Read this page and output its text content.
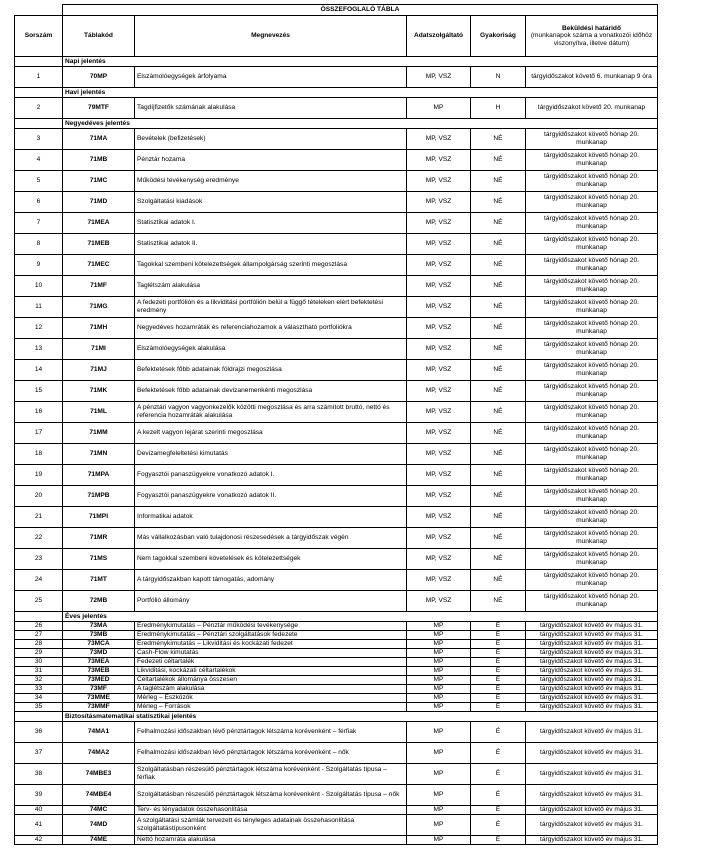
	ÖSSZEFOGLALÓ TÁBLA				
Sorszám	Táblakód	Megnevezés	Adatszolgáltató	Gyakoriság	Beküldési határidő
(munkanapok száma a vonatkozói időhöz viszonyítva, illetve dátum)

	Napi jelentés				
1	70MP	Elszámolóegységek árfolyama	MP, VSZ	N	tárgyidőszakot követő 6. munkanap 9 óra
	Havi jelentés				
2	79MTF	Tagdíjfizetők számának alakulása	MP	H	tárgyidőszakot követő 20. munkanap
	Negyedéves jelentés				
3	71MA	Bevételek (befizetések)	MP, VSZ	NÉ	tárgyidőszakot követő hónap 20. munkanap
4	71MB	Pénztár hozama	MP, VSZ	NÉ	tárgyidőszakot követő hónap 20. munkanap
5	71MC	Működési tevékenység eredménye	MP, VSZ	NÉ	tárgyidőszakot követő hónap 20. munkanap
6	71MD	Szolgáltatási kiadások	MP, VSZ	NÉ	tárgyidőszakot követő hónap 20. munkanap
7	71MEA	Statisztikai adatok I.	MP, VSZ	NÉ	tárgyidőszakot követő hónap 20. munkanap
8	71MEB	Statisztikai adatok II.	MP, VSZ	NÉ	tárgyidőszakot követő hónap 20. munkanap
9	71MEC	Tagokkal szembeni kötelezettségek állampolgárság szerinti megoszlása	MP, VSZ	NÉ	tárgyidőszakot követő hónap 20. munkanap
10	71MF	Taglétszám alakulása	MP, VSZ	NÉ	tárgyidőszakot követő hónap 20. munkanap
11	71MG	A fedezeti portfólión és a likviditási portfólión belül a függő tételeken elért befektetési eredmény	MP, VSZ	NÉ	tárgyidőszakot követő hónap 20. munkanap
12	71MH	Negyedéves hozamráták és referenciahozamok a választható portfoliókra	MP, VSZ	NÉ	tárgyidőszakot követő hónap 20. munkanap
13	71MI	Elszámolóegységek alakulása	MP, VSZ	NÉ	tárgyidőszakot követő hónap 20. munkanap
14	71MJ	Befektetések főbb adatainak földrajzi megoszlása	MP, VSZ	NÉ	tárgyidőszakot követő hónap 20. munkanap
15	71MK	Befektetések főbb adatainak devizanemenkénti megoszlása	MP, VSZ	NÉ	tárgyidőszakot követő hónap 20. munkanap
16	71ML	A pénztári vagyon vagyonkezelők közötti megoszlása és arra számított bruttó, nettó és referencia hozamráták alakulása	MP, VSZ	NÉ	tárgyidőszakot követő hónap 20. munkanap
17	71MM	A kezelt vagyon lejárat szerinti megoszlása	MP, VSZ	NÉ	tárgyidőszakot követő hónap 20. munkanap
18	71MN	Devizamegfeleltetési kimutatás	MP, VSZ	NÉ	tárgyidőszakot követő hónap 20. munkanap
19	71MPA	Fogyasztói panaszügyekre vonatkozó adatok I.	MP, VSZ	NÉ	tárgyidőszakot követő hónap 20. munkanap
20	71MPB	Fogyasztói panaszügyekre vonatkozó adatok II.	MP, VSZ	NÉ	tárgyidőszakot követő hónap 20. munkanap
21	71MPI	Informatikai adatok	MP, VSZ	NÉ	tárgyidőszakot követő hónap 20. munkanap
22	71MR	Más vállalkozásban való tulajdonosi részesedések a tárgyidőszak végén	MP, VSZ	NÉ	tárgyidőszakot követő hónap 20. munkanap
23	71MS	Nem tagokkal szembeni követelések és kötelezettségek	MP, VSZ	NÉ	tárgyidőszakot követő hónap 20. munkanap
24	71MT	A tárgyidőszakban kapott támogatás, adomány	MP, VSZ	NÉ	tárgyidőszakot követő hónap 20. munkanap
25	72MB	Portfólió állomány	MP, VSZ	NÉ	tárgyidőszakot követő hónap 20. munkanap
	Éves jelentés				
26	73MA	Eredménykimutatás – Pénztár működési tevékenysége	MP	É	tárgyidőszakot követő év május 31.
27	73MB	Eredménykimutatás – Pénztári szolgáltatások fedezete	MP	É	tárgyidőszakot követő év május 31.
28	73MCA	Eredménykimutatás – Likviditási és kockázati fedezet	MP	É	tárgyidőszakot követő év május 31.
29	73MD	Cash-Flow kimutatás	MP	É	tárgyidőszakot követő év május 31.
30	73MEA	Fedezeti céltartalék	MP	É	tárgyidőszakot követő év május 31.
31	73MEB	Likviditási, kockázati céltartalékok	MP	É	tárgyidőszakot követő év május 31.
32	73MED	Céltartalékok állománya összesen	MP	É	tárgyidőszakot követő év május 31.
33	73MF	A taglétszám alakulása	MP	É	tárgyidőszakot követő év május 31.
34	73MME	Mérleg – Eszközök	MP	É	tárgyidőszakot követő év május 31.
35	73MMF	Mérleg – Források	MP	É	tárgyidőszakot követő év május 31.
	Biztosításmatematikai statisztikai jelentés				
36	74MA1	Felhalmozási időszakban lévő pénztártagok létszáma korévenként – férfiak	MP	É	tárgyidőszakot követő év május 31.
37	74MA2	Felhalmozási időszakban lévő pénztártagok létszáma korévenként – nők	MP	É	tárgyidőszakot követő év május 31.
38	74MBE3	Szolgáltatásban részesülő pénztártagok létszáma korévenként - Szolgáltatás típusa – férfiak	MP	É	tárgyidőszakot követő év május 31.
39	74MBE4	Szolgáltatásban részesülő pénztártagok létszáma korévenként - Szolgáltatás típusa – nők	MP	É	tárgyidőszakot követő év május 31.
40	74MC	Terv- és tényadatok összehasonlítása	MP	É	tárgyidőszakot követő év május 31.
41	74MD	A szolgáltatási számlák tervezett és tényleges adatainak összehasonlítása szolgáltatástípusonként	MP	É	tárgyidőszakot követő év május 31.
42	74ME	Nettó hozamráta alakulása	MP	É	tárgyidőszakot követő év május 31.
